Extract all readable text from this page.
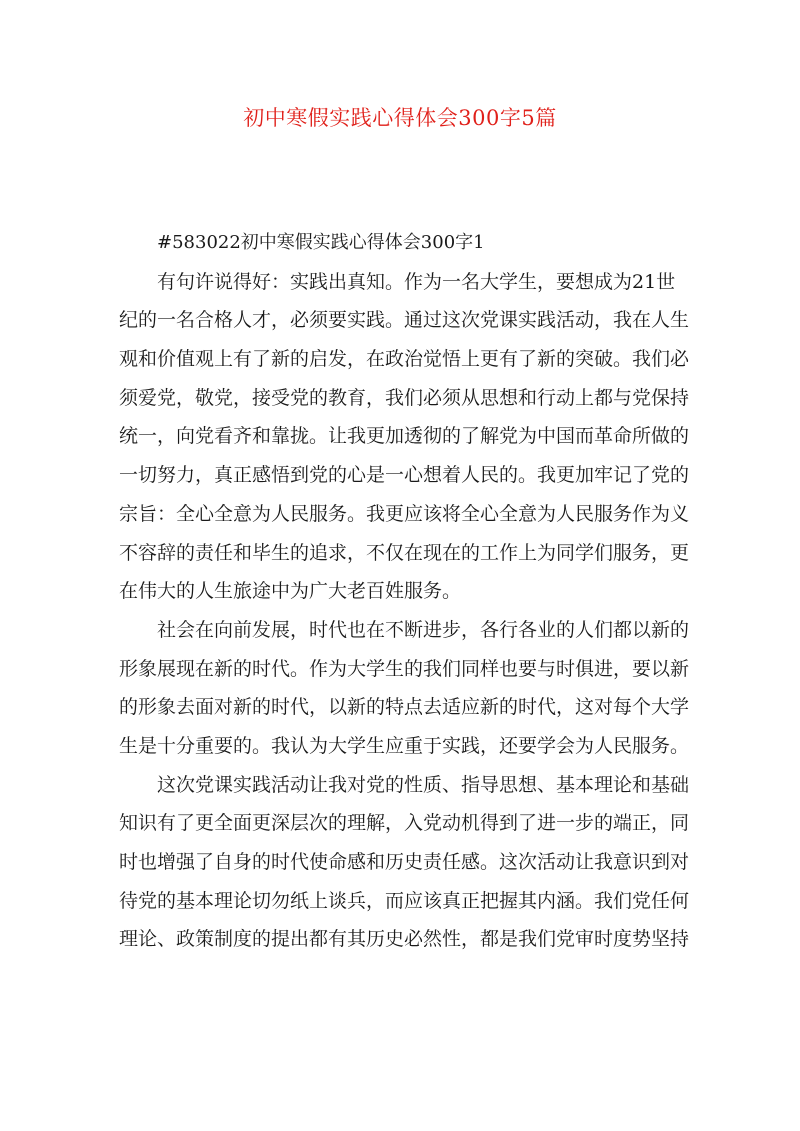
初中寒假实践心得体会300字5篇
#583022初中寒假实践心得体会300字1
有句许说得好：实践出真知。作为一名大学生，要想成为21世
纪的一名合格人才，必须要实践。通过这次党课实践活动，我在人生
观和价值观上有了新的启发，在政治觉悟上更有了新的突破。我们必
须爱党，敬党，接受党的教育，我们必须从思想和行动上都与党保持
统一，向党看齐和靠拢。让我更加透彻的了解党为中国而革命所做的
一切努力，真正感悟到党的心是一心想着人民的。我更加牢记了党的
宗旨：全心全意为人民服务。我更应该将全心全意为人民服务作为义
不容辞的责任和毕生的追求，不仅在现在的工作上为同学们服务，更
在伟大的人生旅途中为广大老百姓服务。
社会在向前发展，时代也在不断进步，各行各业的人们都以新的
形象展现在新的时代。作为大学生的我们同样也要与时俱进，要以新
的形象去面对新的时代，以新的特点去适应新的时代，这对每个大学
生是十分重要的。我认为大学生应重于实践，还要学会为人民服务。
这次党课实践活动让我对党的性质、指导思想、基本理论和基础
知识有了更全面更深层次的理解，入党动机得到了进一步的端正，同
时也增强了自身的时代使命感和历史责任感。这次活动让我意识到对
待党的基本理论切勿纸上谈兵，而应该真正把握其内涵。我们党任何
理论、政策制度的提出都有其历史必然性，都是我们党审时度势坚持
